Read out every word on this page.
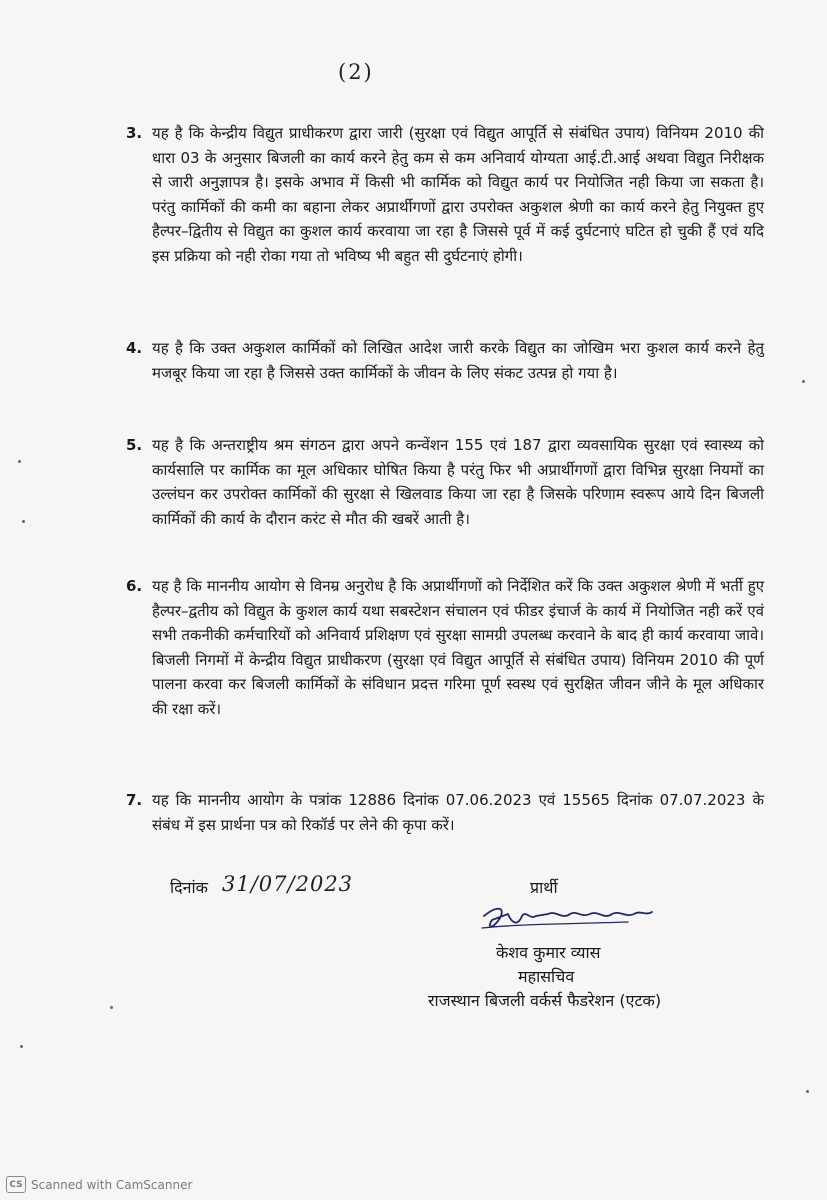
(2)
3. यह है कि केन्द्रीय विद्युत प्राधीकरण द्वारा जारी (सुरक्षा एवं विद्युत आपूर्ति से संबंधित उपाय) विनियम 2010 की धारा 03 के अनुसार बिजली का कार्य करने हेतु कम से कम अनिवार्य योग्यता आई.टी.आई अथवा विद्युत निरीक्षक से जारी अनुज्ञापत्र है। इसके अभाव में किसी भी कार्मिक को विद्युत कार्य पर नियोजित नही किया जा सकता है। परंतु कार्मिकों की कमी का बहाना लेकर अप्रार्थीगणों द्वारा उपरोक्त अकुशल श्रेणी का कार्य करने हेतु नियुक्त हुए हैल्पर–द्वितीय से विद्युत का कुशल कार्य करवाया जा रहा है जिससे पूर्व में कई दुर्घटनाएं घटित हो चुकी हैं एवं यदि इस प्रक्रिया को नही रोका गया तो भविष्य भी बहुत सी दुर्घटनाएं होगी।
4. यह है कि उक्त अकुशल कार्मिकों को लिखित आदेश जारी करके विद्युत का जोखिम भरा कुशल कार्य करने हेतु मजबूर किया जा रहा है जिससे उक्त कार्मिकों के जीवन के लिए संकट उत्पन्न हो गया है।
5. यह है कि अन्तराष्ट्रीय श्रम संगठन द्वारा अपने कन्वेंशन 155 एवं 187 द्वारा व्यवसायिक सुरक्षा एवं स्वास्थ्य को कार्यसालि पर कार्मिक का मूल अधिकार घोषित किया है परंतु फिर भी अप्रार्थीगणों द्वारा विभिन्न सुरक्षा नियमों का उल्लंघन कर उपरोक्त कार्मिकों की सुरक्षा से खिलवाड किया जा रहा है जिसके परिणाम स्वरूप आये दिन बिजली कार्मिकों की कार्य के दौरान करंट से मौत की खबरें आती है।
6. यह है कि माननीय आयोग से विनम्र अनुरोध है कि अप्रार्थीगणों को निर्देशित करें कि उक्त अकुशल श्रेणी में भर्ती हुए हैल्पर–द्वतीय को विद्युत के कुशल कार्य यथा सबस्टेशन संचालन एवं फीडर इंचार्ज के कार्य में नियोजित नही करें एवं सभी तकनीकी कर्मचारियों को अनिवार्य प्रशिक्षण एवं सुरक्षा सामग्री उपलब्ध करवाने के बाद ही कार्य करवाया जावे। बिजली निगमों में केन्द्रीय विद्युत प्राधीकरण (सुरक्षा एवं विद्युत आपूर्ति से संबंधित उपाय) विनियम 2010 की पूर्ण पालना करवा कर बिजली कार्मिकों के संविधान प्रदत्त गरिमा पूर्ण स्वस्थ एवं सुरक्षित जीवन जीने के मूल अधिकार की रक्षा करें।
7. यह कि माननीय आयोग के पत्रांक 12886 दिनांक 07.06.2023 एवं 15565 दिनांक 07.07.2023 के संबंध में इस प्रार्थना पत्र को रिकॉर्ड पर लेने की कृपा करें।
दिनांक 31/07/2023	प्रार्थी
केशव कुमार व्यास
महासचिव
राजस्थान बिजली वर्कर्स फैडरेशन (एटक)
CS Scanned with CamScanner
